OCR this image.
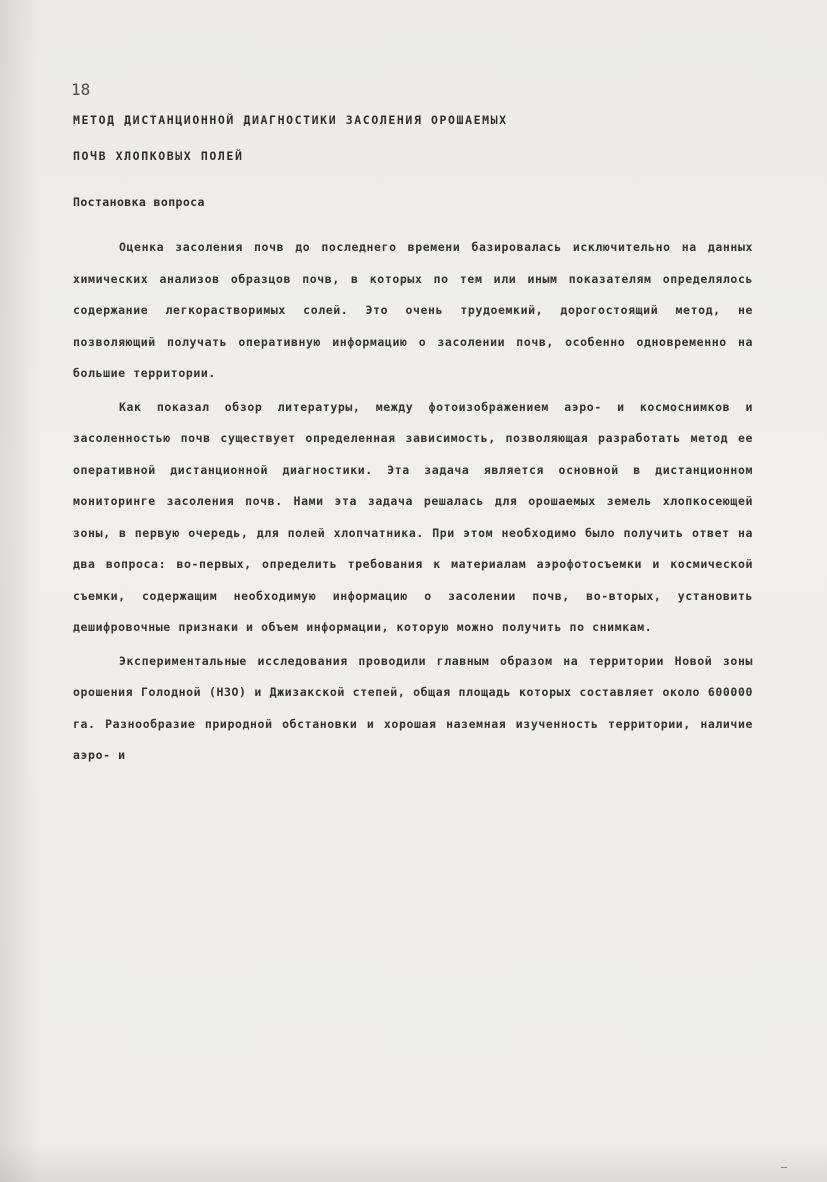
18
МЕТОД ДИСТАНЦИОННОЙ ДИАГНОСТИКИ ЗАСОЛЕНИЯ ОРОШАЕМЫХ
ПОЧВ ХЛОПКОВЫХ ПОЛЕЙ
Постановка вопроса

Оценка засоления почв до последнего времени базировалась исключительно на данных химических анализов образцов почв, в которых по тем или иным показателям определялось содержание легкорастворимых солей. Это очень трудоемкий, дорогостоящий метод, не позволяющий получать оперативную информацию о засолении почв, особенно одновременно на большие территории.

Как показал обзор литературы, между фотоизображением аэро- и космоснимков и засоленностью почв существует определенная зависимость, позволяющая разработать метод ее оперативной дистанционной диагностики. Эта задача является основной в дистанционном мониторинге засоления почв. Нами эта задача решалась для орошаемых земель хлопкосеющей зоны, в первую очередь, для полей хлопчатника. При этом необходимо было получить ответ на два вопроса: во-первых, определить требования к материалам аэрофотосъемки и космической съемки, содержащим необходимую информацию о засолении почв, во-вторых, установить дешифровочные признаки и объем информации, которую можно получить по снимкам.

Экспериментальные исследования проводили главным образом на территории Новой зоны орошения Голодной (НЗО) и Джизакской степей, общая площадь которых составляет около 600000 га. Разнообразие природной обстановки и хорошая наземная изученность территории, наличие аэро- и
